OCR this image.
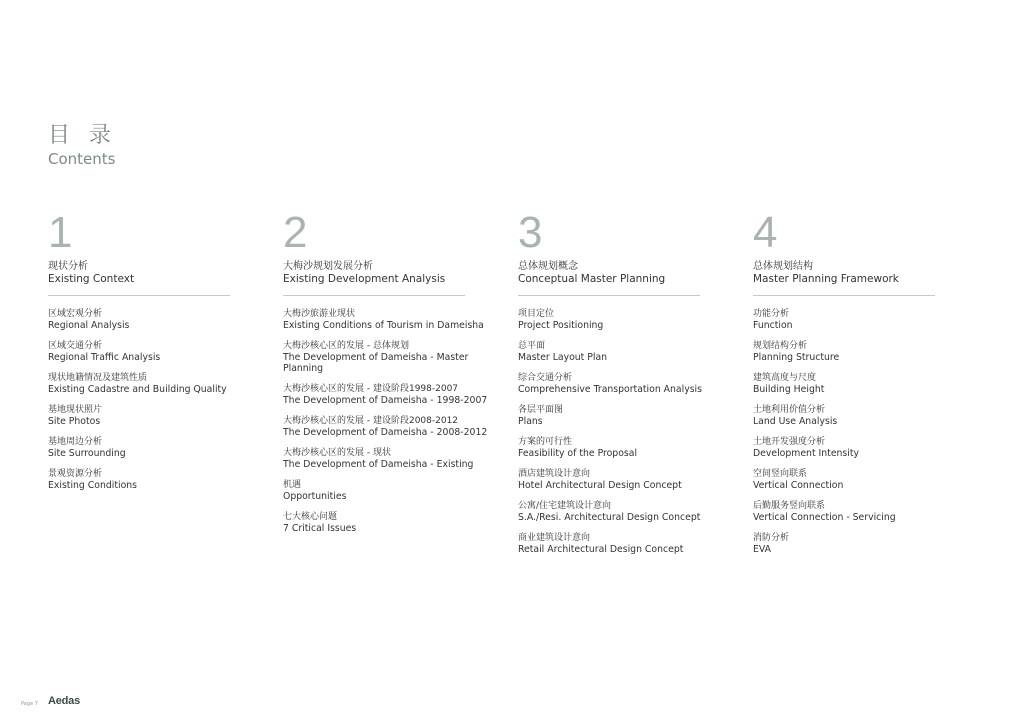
目 录
Contents
1
现状分析
Existing Context
区域宏观分析
Regional Analysis
区域交通分析
Regional Traffic Analysis
现状地籍情况及建筑性质
Existing Cadastre and Building Quality
基地现状照片
Site Photos
基地周边分析
Site Surrounding
景观资源分析
Existing Conditions
2
大梅沙规划发展分析
Existing Development Analysis
大梅沙旅游业现状
Existing Conditions of Tourism in Dameisha
大梅沙核心区的发展 - 总体规划
The Development of Dameisha - Master Planning
大梅沙核心区的发展 - 建设阶段1998-2007
The Development of Dameisha - 1998-2007
大梅沙核心区的发展 - 建设阶段2008-2012
The Development of Dameisha - 2008-2012
大梅沙核心区的发展 - 现状
The Development of Dameisha - Existing
机遇
Opportunities
七大核心问题
7 Critical Issues
3
总体规划概念
Conceptual Master Planning
项目定位
Project Positioning
总平面
Master Layout Plan
综合交通分析
Comprehensive Transportation Analysis
各层平面图
Plans
方案的可行性
Feasibility of the Proposal
酒店建筑设计意向
Hotel Architectural Design Concept
公寓/住宅建筑设计意向
S.A./Resi. Architectural Design Concept
商业建筑设计意向
Retail Architectural Design Concept
4
总体规划结构
Master Planning Framework
功能分析
Function
规划结构分析
Planning Structure
建筑高度与尺度
Building Height
土地利用价值分析
Land Use Analysis
土地开发强度分析
Development Intensity
空间竖向联系
Vertical Connection
后勤服务竖向联系
Vertical Connection - Servicing
消防分析
EVA
Page 7 Aedas
